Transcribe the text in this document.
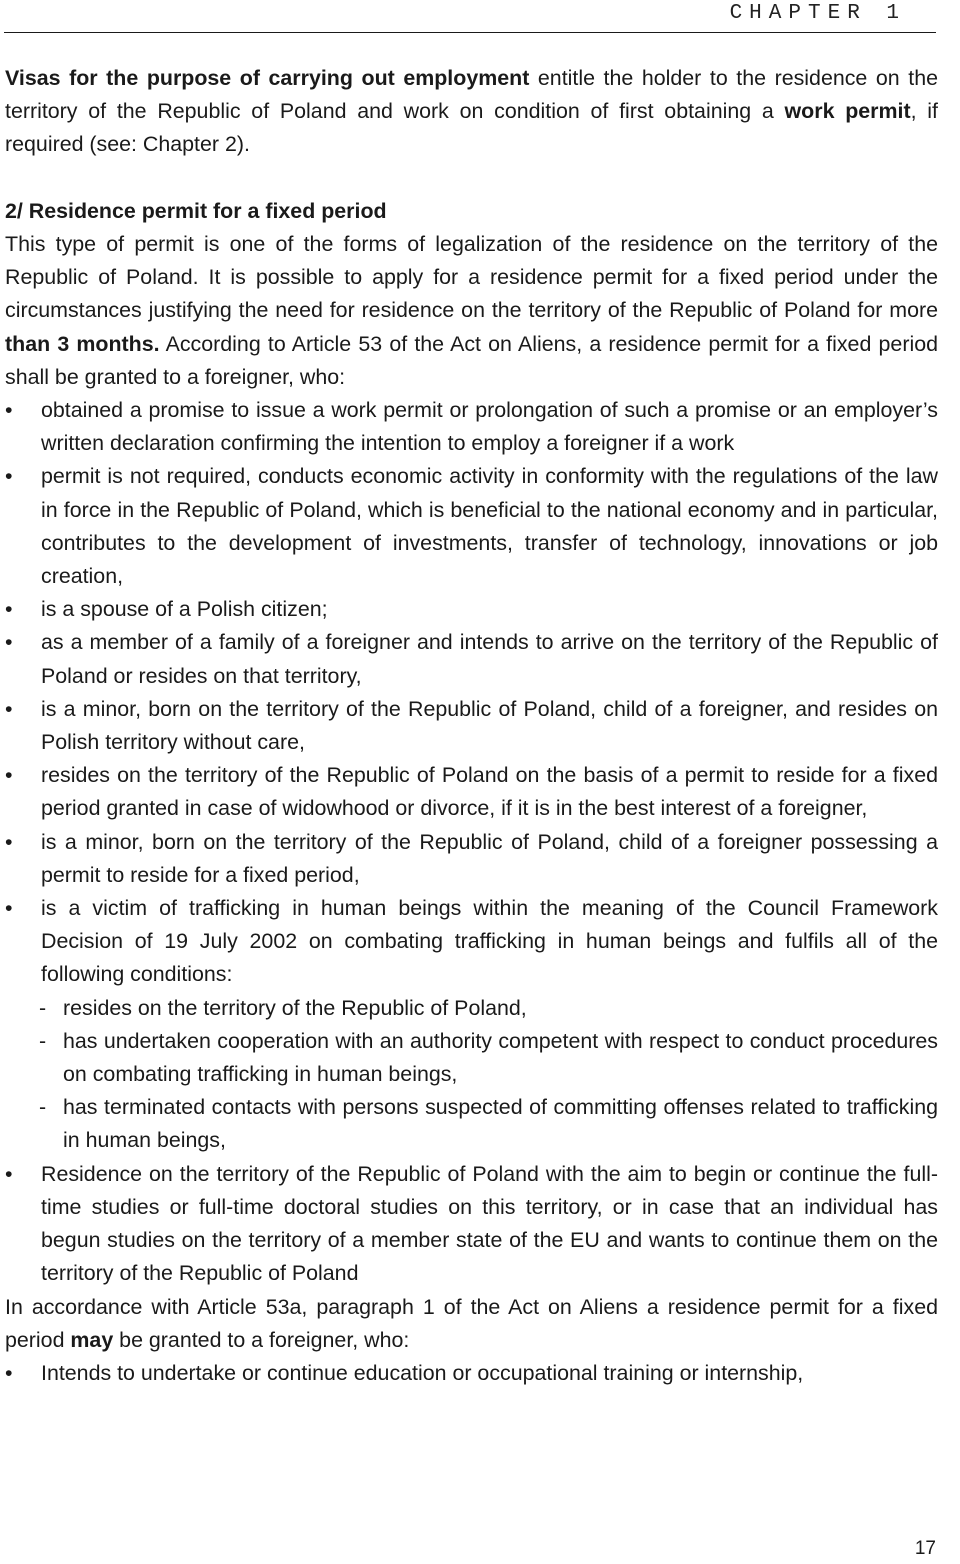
CHAPTER 1

Visas for the purpose of carrying out employment entitle the holder to the residence on the territory of the Republic of Poland and work on condition of first obtaining a work permit, if required (see: Chapter 2).

2/ Residence permit for a fixed period

This type of permit is one of the forms of legalization of the residence on the territory of the Republic of Poland. It is possible to apply for a residence permit for a fixed period under the circumstances justifying the need for residence on the territory of the Republic of Poland for more than 3 months. According to Article 53 of the Act on Aliens, a residence permit for a fixed period shall be granted to a foreigner, who:

•	obtained a promise to issue a work permit or prolongation of such a promise or an employer’s written declaration confirming the intention to employ a foreigner if a work
•	permit is not required, conducts economic activity in conformity with the regulations of the law in force in the Republic of Poland, which is beneficial to the national economy and in particular, contributes to the development of investments, transfer of technology, innovations or job creation,
•	is a spouse of a Polish citizen;
•	as a member of a family of a foreigner and intends to arrive on the territory of the Republic of Poland or resides on that territory,
•	is a minor, born on the territory of the Republic of Poland, child of a foreigner, and resides on Polish territory without care,
•	resides on the territory of the Republic of Poland on the basis of a permit to reside for a fixed period granted in case of widowhood or divorce, if it is in the best interest of a foreigner,
•	is a minor, born on the territory of the Republic of Poland, child of a foreigner possessing a permit to reside for a fixed period,
•	is a victim of trafficking in human beings within the meaning of the Council Framework Decision of 19 July 2002 on combating trafficking in human beings and fulfils all of the following conditions:
- resides on the territory of the Republic of Poland,
- has undertaken cooperation with an authority competent with respect to conduct procedures on combating trafficking in human beings,
- has terminated contacts with persons suspected of committing offenses related to trafficking in human beings,
•	Residence on the territory of the Republic of Poland with the aim to begin or continue the full-time studies or full-time doctoral studies on this territory, or in case that an individual has begun studies on the territory of a member state of the EU and wants to continue them on the territory of the Republic of Poland

In accordance with Article 53a, paragraph 1 of the Act on Aliens a residence permit for a fixed period may be granted to a foreigner, who:

•	Intends to undertake or continue education or occupational training or internship,
17
